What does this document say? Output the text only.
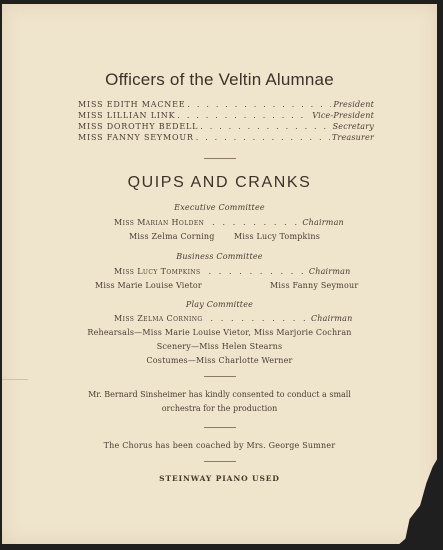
Officers of the Veltin Alumnae
MISS EDITH MACNEE . . .	President
MISS LILLIAN LINK . . .	Vice-President
MISS DOROTHY BEDELL . . .	Secretary
MISS FANNY SEYMOUR . . .	Treasurer
QUIPS AND CRANKS
Executive Committee
Miss Marian Holden  . . . . . . . . . Chairman
Miss Zelma Corning Miss Lucy Tompkins
Business Committee
Miss Lucy Tompkins  . . . . . . . . . . Chairman
Miss Marie Louise Vietor	Miss Fanny Seymour
Play Committee
Miss Zelma Corning  . . . . . . . . . . Chairman
Rehearsals—Miss Marie Louise Vietor, Miss Marjorie Cochran
Scenery—Miss Helen Stearns
Costumes—Miss Charlotte Werner
Mr. Bernard Sinsheimer has kindly consented to conduct a small
orchestra for the production
The Chorus has been coached by Mrs. George Sumner
STEINWAY PIANO USED
